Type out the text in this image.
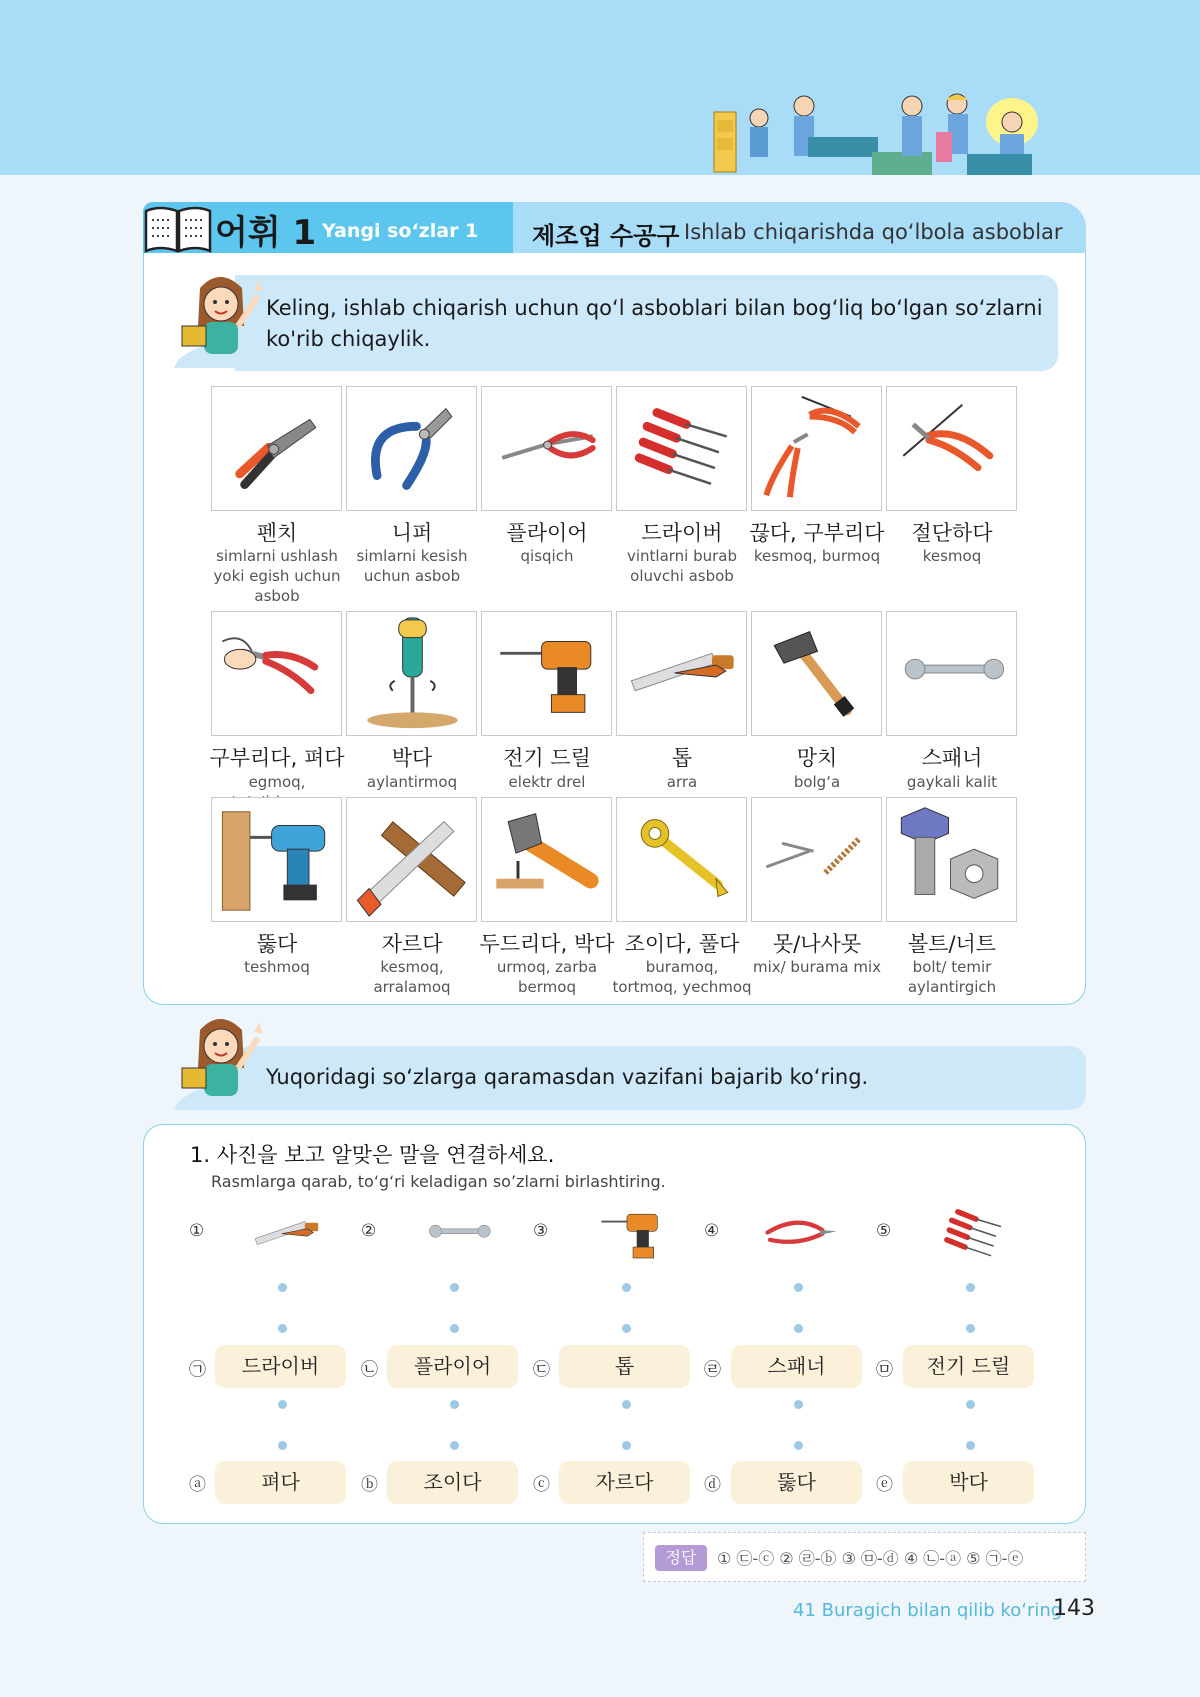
어휘 1 Yangi so‘zlar 1 제조업 수공구 Ishlab chiqarishda qo‘lbola asboblar
Keling, ishlab chiqarish uchun qo‘l asboblari bilan bog‘liq bo‘lgan so‘zlarni ko'rib chiqaylik.
펜치
simlarni ushlash yoki egish uchun asbob
니퍼
simlarni kesish uchun asbob
플라이어
qisqich
드라이버
vintlarni burab oluvchi asbob
끊다, 구부리다
kesmoq, burmoq
절단하다
kesmoq
구부리다, 펴다
egmoq,
박다
aylantirmoq
전기 드릴
elektr drel
톱
arra
망치
bolg‘a
스패너
gaykali kalit
뚫다
teshmoq
자르다
kesmoq, arralamoq
두드리다, 박다
urmoq, zarba bermoq
조이다, 풀다
buramoq, tortmoq, yechmoq
못/나사못
mix/ burama mix
볼트/너트
bolt/ temir aylantirgich
Yuqoridagi so‘zlarga qaramasdan vazifani bajarib ko‘ring.
1. 사진을 보고 알맞은 말을 연결하세요.
Rasmlarga qarab, to‘g‘ri keladigan so’zlarni birlashtiring.
①	②	③	④	⑤
㉠	드라이버	㉡	플라이어	㉢	톱	㉣	스패너	㉤	전기 드릴
ⓐ	펴다	ⓑ	조이다	ⓒ	자르다	ⓓ	뚫다	ⓔ	박다
정답	① ㉢-ⓒ ② ㉣-ⓑ ③ ㉤-ⓓ ④ ㉡-ⓐ ⑤ ㉠-ⓔ
41 Buragich bilan qilib ko‘ring
143
